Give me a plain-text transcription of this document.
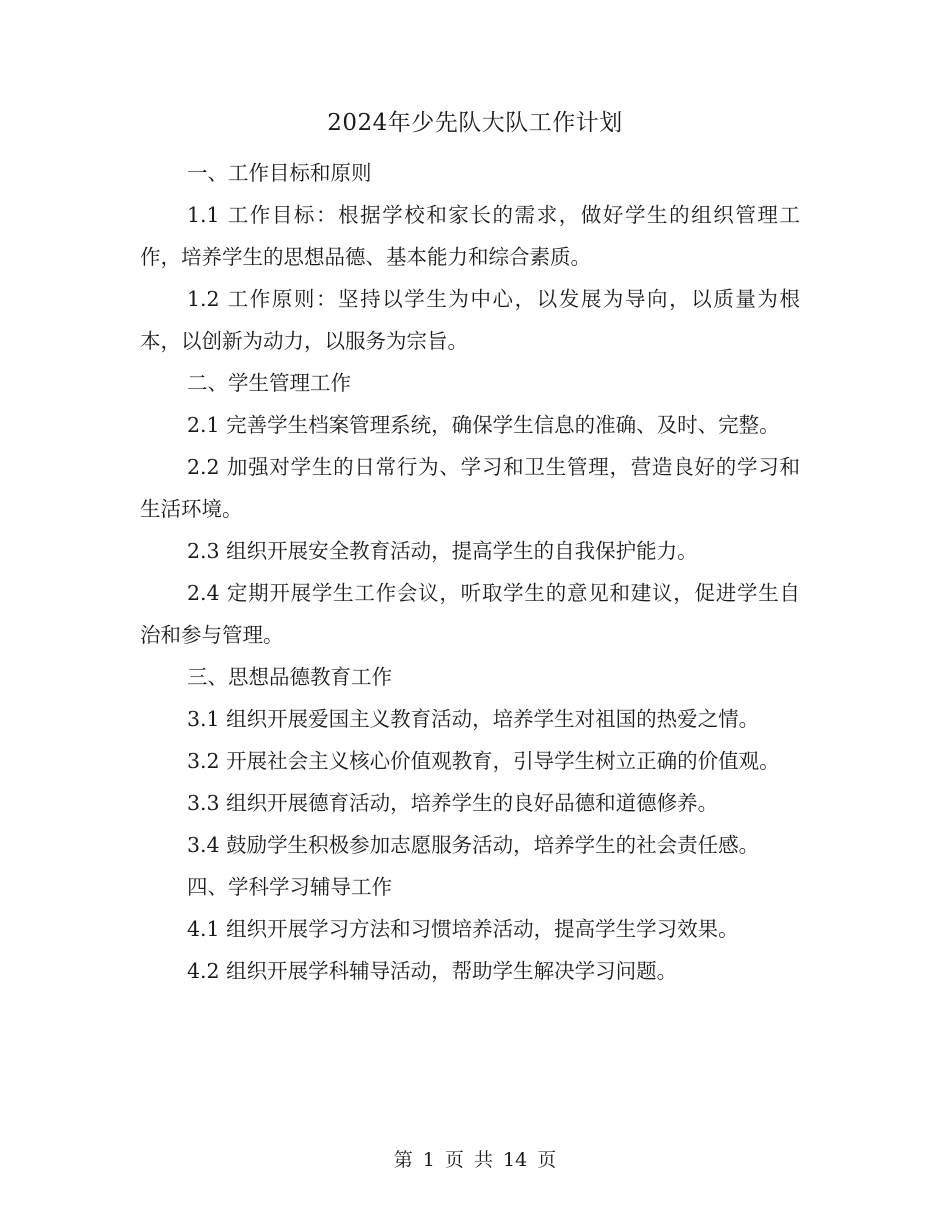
2024年少先队大队工作计划

一、工作目标和原则

1.1 工作目标：根据学校和家长的需求，做好学生的组织管理工作，培养学生的思想品德、基本能力和综合素质。

1.2 工作原则：坚持以学生为中心，以发展为导向，以质量为根本，以创新为动力，以服务为宗旨。

二、学生管理工作

2.1 完善学生档案管理系统，确保学生信息的准确、及时、完整。

2.2 加强对学生的日常行为、学习和卫生管理，营造良好的学习和生活环境。

2.3 组织开展安全教育活动，提高学生的自我保护能力。

2.4 定期开展学生工作会议，听取学生的意见和建议，促进学生自治和参与管理。

三、思想品德教育工作

3.1 组织开展爱国主义教育活动，培养学生对祖国的热爱之情。

3.2 开展社会主义核心价值观教育，引导学生树立正确的价值观。

3.3 组织开展德育活动，培养学生的良好品德和道德修养。

3.4 鼓励学生积极参加志愿服务活动，培养学生的社会责任感。

四、学科学习辅导工作

4.1 组织开展学习方法和习惯培养活动，提高学生学习效果。

4.2 组织开展学科辅导活动，帮助学生解决学习问题。

第 1 页 共 14 页
